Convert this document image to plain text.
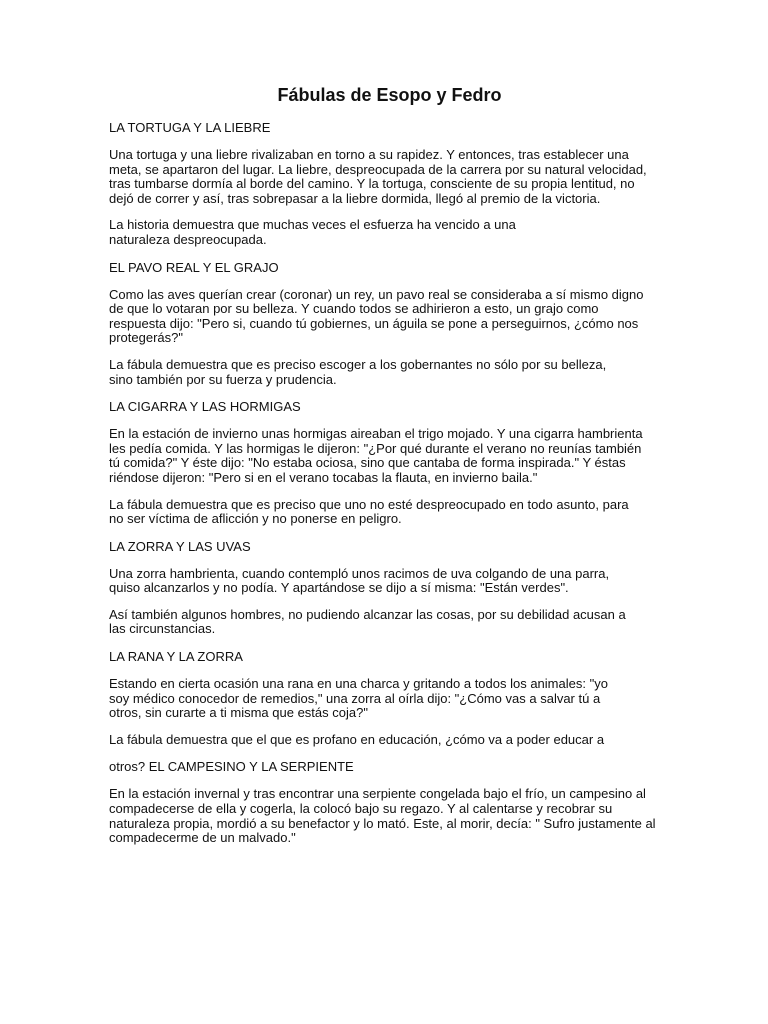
Fábulas de Esopo y Fedro

LA TORTUGA Y LA LIEBRE

Una tortuga y una liebre rivalizaban en torno a su rapidez. Y entonces, tras establecer una
meta, se apartaron del lugar. La liebre, despreocupada de la carrera por su natural velocidad,
tras tumbarse dormía al borde del camino. Y la tortuga, consciente de su propia lentitud, no
dejó de correr y así, tras sobrepasar a la liebre dormida, llegó al premio de la victoria.

La historia demuestra que muchas veces el esfuerza ha vencido a una
naturaleza despreocupada.

EL PAVO REAL Y EL GRAJO

Como las aves querían crear (coronar) un rey, un pavo real se consideraba a sí mismo digno
de que lo votaran por su belleza. Y cuando todos se adhirieron a esto, un grajo como
respuesta dijo: "Pero si, cuando tú gobiernes, un águila se pone a perseguirnos, ¿cómo nos
protegerás?"

La fábula demuestra que es preciso escoger a los gobernantes no sólo por su belleza,
sino también por su fuerza y prudencia.

LA CIGARRA Y LAS HORMIGAS

En la estación de invierno unas hormigas aireaban el trigo mojado. Y una cigarra hambrienta
les pedía comida. Y las hormigas le dijeron: "¿Por qué durante el verano no reunías también
tú comida?" Y éste dijo: "No estaba ociosa, sino que cantaba de forma inspirada." Y éstas
riéndose dijeron: "Pero si en el verano tocabas la flauta, en invierno baila."

La fábula demuestra que es preciso que uno no esté despreocupado en todo asunto, para
no ser víctima de aflicción y no ponerse en peligro.

LA ZORRA Y LAS UVAS

Una zorra hambrienta, cuando contempló unos racimos de uva colgando de una parra,
quiso alcanzarlos y no podía. Y apartándose se dijo a sí misma: "Están verdes".

Así también algunos hombres, no pudiendo alcanzar las cosas, por su debilidad acusan a
las circunstancias.

LA RANA Y LA ZORRA

Estando en cierta ocasión una rana en una charca y gritando a todos los animales: "yo
soy médico conocedor de remedios," una zorra al oírla dijo: "¿Cómo vas a salvar tú a
otros, sin curarte a ti misma que estás coja?"

La fábula demuestra que el que es profano en educación, ¿cómo va a poder educar a

otros? EL CAMPESINO Y LA SERPIENTE

En la estación invernal y tras encontrar una serpiente congelada bajo el frío, un campesino al
compadecerse de ella y cogerla, la colocó bajo su regazo. Y al calentarse y recobrar su
naturaleza propia, mordió a su benefactor y lo mató. Este, al morir, decía: " Sufro justamente al
compadecerme de un malvado."
